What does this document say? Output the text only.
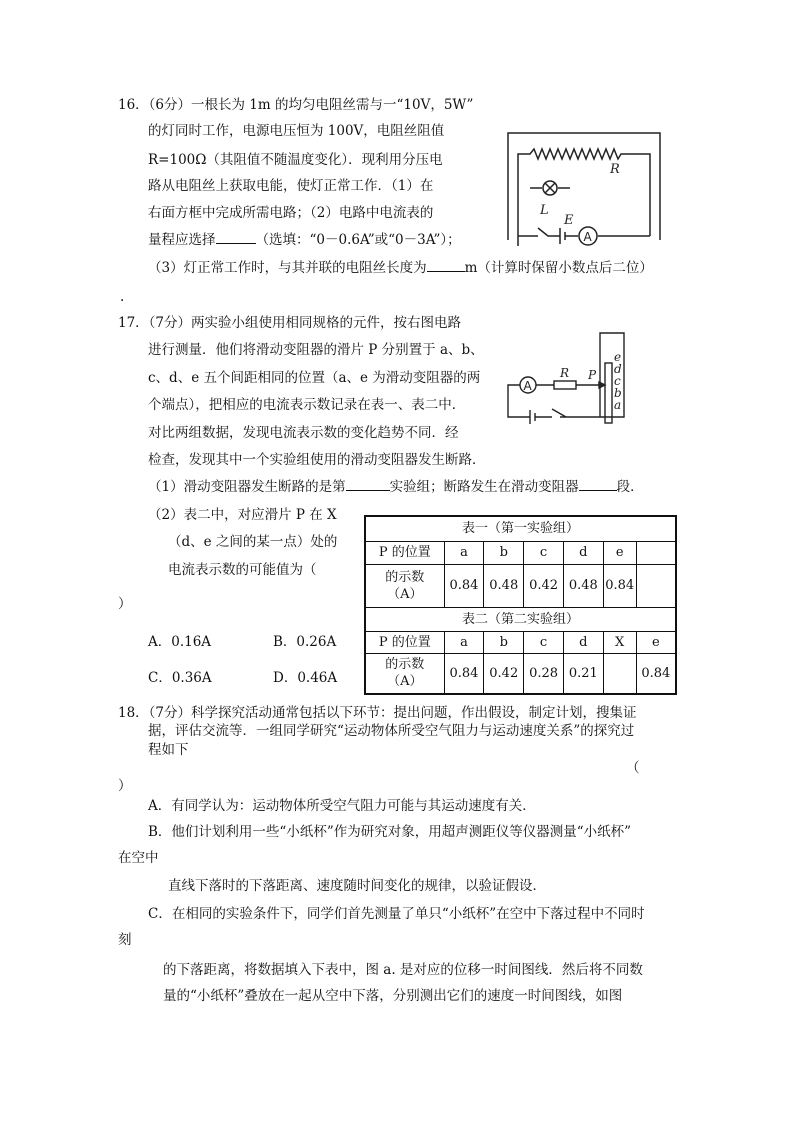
16．（6分）一根长为 1m 的均匀电阻丝需与一“10V，5W”
的灯同时工作，电源电压恒为 100V，电阻丝阻值
R=100Ω（其阻值不随温度变化）．现利用分压电
路从电阻丝上获取电能，使灯正常工作．（1）在
右面方框中完成所需电路；（2）电路中电流表的
量程应选择	（选填：“0－0.6A”或“0－3A”）；
（3）灯正常工作时，与其并联的电阻丝长度为	m（计算时保留小数点后二位）
.
R
L
E
A
17．（7分）两实验小组使用相同规格的元件，按右图电路
进行测量．他们将滑动变阻器的滑片 P 分别置于 a、b、
c、d、e 五个间距相同的位置（a、e 为滑动变阻器的两
个端点），把相应的电流表示数记录在表一、表二中．
对比两组数据，发现电流表示数的变化趋势不同．经
检查，发现其中一个实验组使用的滑动变阻器发生断路．
（1）滑动变阻器发生断路的是第	实验组；断路发生在滑动变阻器	段．
（2）表二中，对应滑片 P 在 X
（d、e 之间的某一点）处的
电流表示数的可能值为（
）
A．0.16A	B．0.26A
C．0.36A	D．0.46A
A
R P
e
d
c
b
a
表一（第一实验组）						
P 的位置	a	b	c	d	e	
的示数
（A）	0.84	0.48	0.42	0.48	0.84	
表二（第二实验组）						
P 的位置	a	b	c	d	X	e
的示数
（A）	0.84	0.42	0.28	0.21		0.84
18．（7分）科学探究活动通常包括以下环节：提出问题，作出假设，制定计划，搜集证
据，评估交流等．一组同学研究“运动物体所受空气阻力与运动速度关系”的探究过
程如下
（
）
A．有同学认为：运动物体所受空气阻力可能与其运动速度有关．
B．他们计划利用一些“小纸杯”作为研究对象，用超声测距仪等仪器测量“小纸杯”
在空中
直线下落时的下落距离、速度随时间变化的规律，以验证假设．
C．在相同的实验条件下，同学们首先测量了单只“小纸杯”在空中下落过程中不同时
刻
的下落距离，将数据填入下表中，图 a. 是对应的位移一时间图线．然后将不同数
量的“小纸杯”叠放在一起从空中下落，分别测出它们的速度一时间图线，如图
